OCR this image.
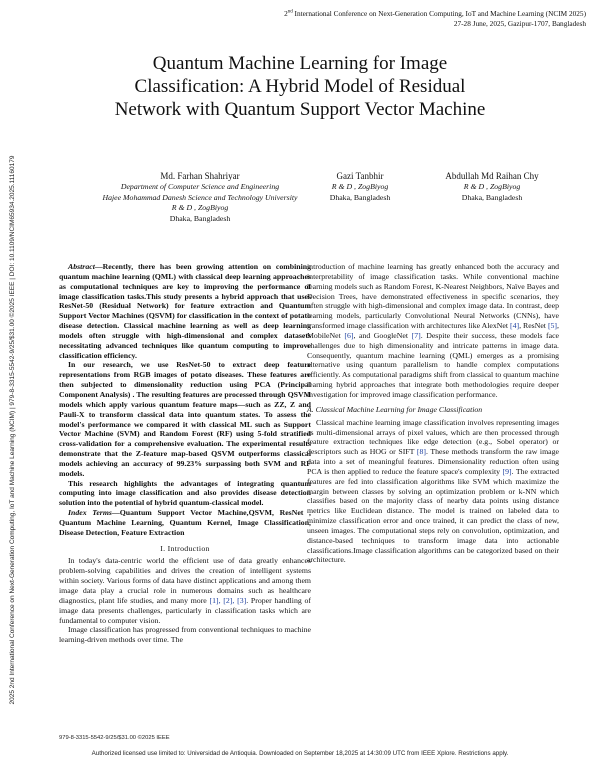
2nd International Conference on Next-Generation Computing, IoT and Machine Learning (NCIM 2025)
27-28 June, 2025, Gazipur-1707, Bangladesh
Quantum Machine Learning for Image
Classification: A Hybrid Model of Residual
Network with Quantum Support Vector Machine
Md. Farhan Shahriyar
Department of Computer Science and Engineering
Hajee Mohammad Danesh Science and Technology University
R & D , ZogBiyog
Dhaka, Bangladesh
Gazi Tanbhir
R & D , ZogBiyog
Dhaka, Bangladesh
Abdullah Md Raihan Chy
R & D , ZogBiyog
Dhaka, Bangladesh
2025 2nd International Conference on Next-Generation Computing, IoT and Machine Learning (NCIM) | 979-8-3315-5542-9/25/$31.00 ©2025 IEEE | DOI: 10.1109/NCIM65934.2025.11160179	Abstract—Recently, there has been growing attention on combining quantum machine learning (QML) with classical deep learning approaches as computational techniques are key to improving the performance of image classification tasks.This study presents a hybrid approach that uses ResNet-50 (Residual Network) for feature extraction and Quantum Support Vector Machines (QSVM) for classification in the context of potato disease detection. Classical machine learning as well as deep learning models often struggle with high-dimensional and complex datasets necessitating advanced techniques like quantum computing to improve classification efficiency.

In our research, we use ResNet-50 to extract deep feature representations from RGB images of potato diseases. These features are then subjected to dimensionality reduction using PCA (Principal Component Analysis) . The resulting features are processed through QSVM models which apply various quantum feature maps—such as ZZ, Z and Pauli-X to transform classical data into quantum states. To assess the model's performance we compared it with classical ML such as Support Vector Machine (SVM) and Random Forest (RF) using 5-fold stratified cross-validation for a comprehensive evaluation. The experimental results demonstrate that the Z-feature map-based QSVM outperforms classical models achieving an accuracy of 99.23% surpassing both SVM and RF models.

This research highlights the advantages of integrating quantum computing into image classification and also provides disease detection solution into the potential of hybrid quantum-classical model.

Index Terms—Quantum Support Vector Machine,QSVM, ResNet , Quantum Machine Learning, Quantum Kernel, Image Classification, Disease Detection, Feature Extraction

I. Introduction

In today's data-centric world the efficient use of data greatly enhances problem-solving capabilities and drives the creation of intelligent systems within society. Various forms of data have distinct applications and among them image data play a crucial role in numerous domains such as healthcare diagnostics, plant life studies, and many more [1], [2], [3]. Proper handling of image data presents challenges, particularly in classification tasks which are fundamental to computer vision.

Image classification has progressed from conventional techniques to machine learning-driven methods over time. The

introduction of machine learning has greatly enhanced both the accuracy and interpretability of image classification tasks. While conventional machine learning models such as Random Forest, K-Nearest Neighbors, Naïve Bayes and Decision Trees, have demonstrated effectiveness in specific scenarios, they often struggle with high-dimensional and complex image data. In contrast, deep learning models, particularly Convolutional Neural Networks (CNNs), have transformed image classification with architectures like AlexNet [4], ResNet [5], MobileNet [6], and GoogleNet [7]. Despite their success, these models face challenges due to high dimensionality and intricate patterns in image data. Consequently, quantum machine learning (QML) emerges as a promising alternative using quantum parallelism to handle complex computations efficiently. As computational paradigms shift from classical to quantum machine learning hybrid approaches that integrate both methodologies require deeper investigation for improved image classification performance.

A. Classical Machine Learning for Image Classification

Classical machine learning image classification involves representing images as multi-dimensional arrays of pixel values, which are then processed through feature extraction techniques like edge detection (e.g., Sobel operator) or descriptors such as HOG or SIFT [8]. These methods transform the raw image data into a set of meaningful features. Dimensionality reduction often using PCA is then applied to reduce the feature space's complexity [9]. The extracted features are fed into classification algorithms like SVM which maximize the margin between classes by solving an optimization problem or k-NN which classifies based on the majority class of nearby data points using distance metrics like Euclidean distance. The model is trained on labeled data to minimize classification error and once trained, it can predict the class of new, unseen images. The computational steps rely on convolution, optimization, and distance-based techniques to transform image data into actionable classifications.Image classification algorithms can be categorized based on their architecture.

979-8-3315-5542-9/25/$31.00 ©2025 IEEE
Authorized licensed use limited to: Universidad de Antioquia. Downloaded on September 18,2025 at 14:30:09 UTC from IEEE Xplore. Restrictions apply.
